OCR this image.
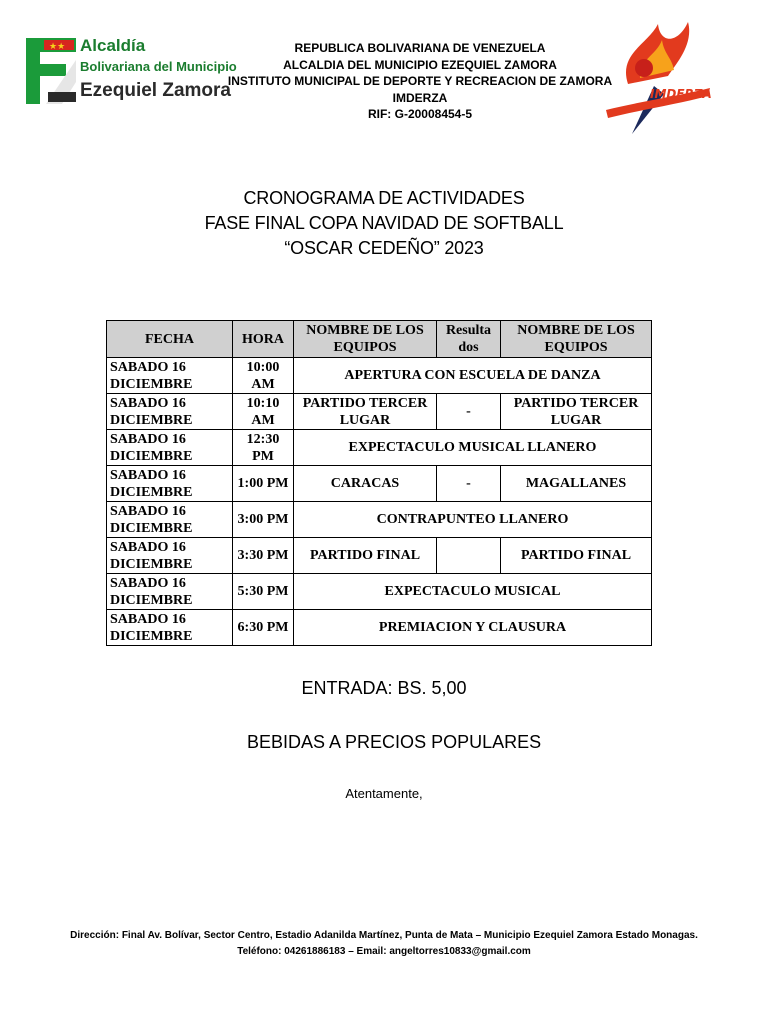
★★ Alcaldía
Bolivariana del Municipio
Ezequiel Zamora
REPUBLICA BOLIVARIANA DE VENEZUELA
ALCALDIA DEL MUNICIPIO EZEQUIEL ZAMORA
INSTITUTO MUNICIPAL DE DEPORTE Y RECREACION DE ZAMORA
IMDERZA
RIF: G-20008454-5
IMDERZA
CRONOGRAMA DE ACTIVIDADES
FASE FINAL COPA NAVIDAD DE SOFTBALL
“OSCAR CEDEÑO” 2023
FECHA	HORA	NOMBRE DE LOS EQUIPOS	Resulta dos	NOMBRE DE LOS EQUIPOS
SABADO 16 DICIEMBRE	10:00 AM	APERTURA CON ESCUELA DE DANZA		
SABADO 16 DICIEMBRE	10:10 AM	PARTIDO TERCER LUGAR	-	PARTIDO TERCER LUGAR
SABADO 16 DICIEMBRE	12:30 PM	EXPECTACULO MUSICAL LLANERO		
SABADO 16 DICIEMBRE	1:00 PM	CARACAS	-	MAGALLANES
SABADO 16 DICIEMBRE	3:00 PM	CONTRAPUNTEO LLANERO		
SABADO 16 DICIEMBRE	3:30 PM	PARTIDO FINAL		PARTIDO FINAL
SABADO 16 DICIEMBRE	5:30 PM	EXPECTACULO MUSICAL		
SABADO 16 DICIEMBRE	6:30 PM	PREMIACION Y CLAUSURA		
ENTRADA: BS. 5,00
BEBIDAS A PRECIOS POPULARES
Atentamente,
Dirección: Final Av. Bolívar, Sector Centro, Estadio Adanilda Martínez, Punta de Mata – Municipio Ezequiel Zamora Estado Monagas.
Teléfono: 04261886183 – Email: angeltorres10833@gmail.com
